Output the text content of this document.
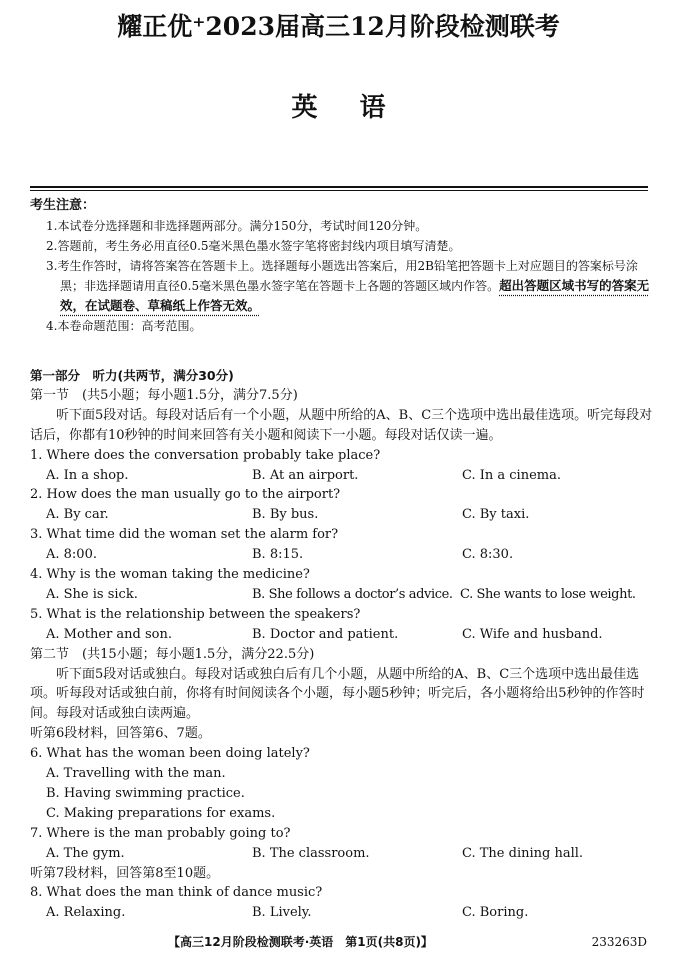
耀正优⁺2023届高三12月阶段检测联考
英语
考生注意：
1.本试卷分选择题和非选择题两部分。满分150分，考试时间120分钟。
2.答题前，考生务必用直径0.5毫米黑色墨水签字笔将密封线内项目填写清楚。
3.考生作答时，请将答案答在答题卡上。选择题每小题选出答案后，用2B铅笔把答题卡上对应题目的答案标号涂黑；非选择题请用直径0.5毫米黑色墨水签字笔在答题卡上各题的答题区域内作答。超出答题区域书写的答案无效，在试题卷、草稿纸上作答无效。
4.本卷命题范围：高考范围。
第一部分　听力(共两节，满分30分)
第一节　(共5小题；每小题1.5分，满分7.5分)
听下面5段对话。每段对话后有一个小题，从题中所给的A、B、C三个选项中选出最佳选项。听完每段对话后，你都有10秒钟的时间来回答有关小题和阅读下一小题。每段对话仅读一遍。
1. Where does the conversation probably take place?
A. In a shop.	B. At an airport.	C. In a cinema.
2. How does the man usually go to the airport?
A. By car.	B. By bus.	C. By taxi.
3. What time did the woman set the alarm for?
A. 8:00.	B. 8:15.	C. 8:30.
4. Why is the woman taking the medicine?
A. She is sick.	B. She follows a doctor’s advice. C. She wants to lose weight.
5. What is the relationship between the speakers?
A. Mother and son.	B. Doctor and patient.	C. Wife and husband.
第二节　(共15小题；每小题1.5分，满分22.5分)
听下面5段对话或独白。每段对话或独白后有几个小题，从题中所给的A、B、C三个选项中选出最佳选项。听每段对话或独白前，你将有时间阅读各个小题，每小题5秒钟；听完后，各小题将给出5秒钟的作答时间。每段对话或独白读两遍。
听第6段材料，回答第6、7题。
6. What has the woman been doing lately?
A. Travelling with the man.
B. Having swimming practice.
C. Making preparations for exams.
7. Where is the man probably going to?
A. The gym.	B. The classroom.	C. The dining hall.
听第7段材料，回答第8至10题。
8. What does the man think of dance music?
A. Relaxing.	B. Lively.	C. Boring.
【高三12月阶段检测联考·英语　第1页(共8页)】	233263D
